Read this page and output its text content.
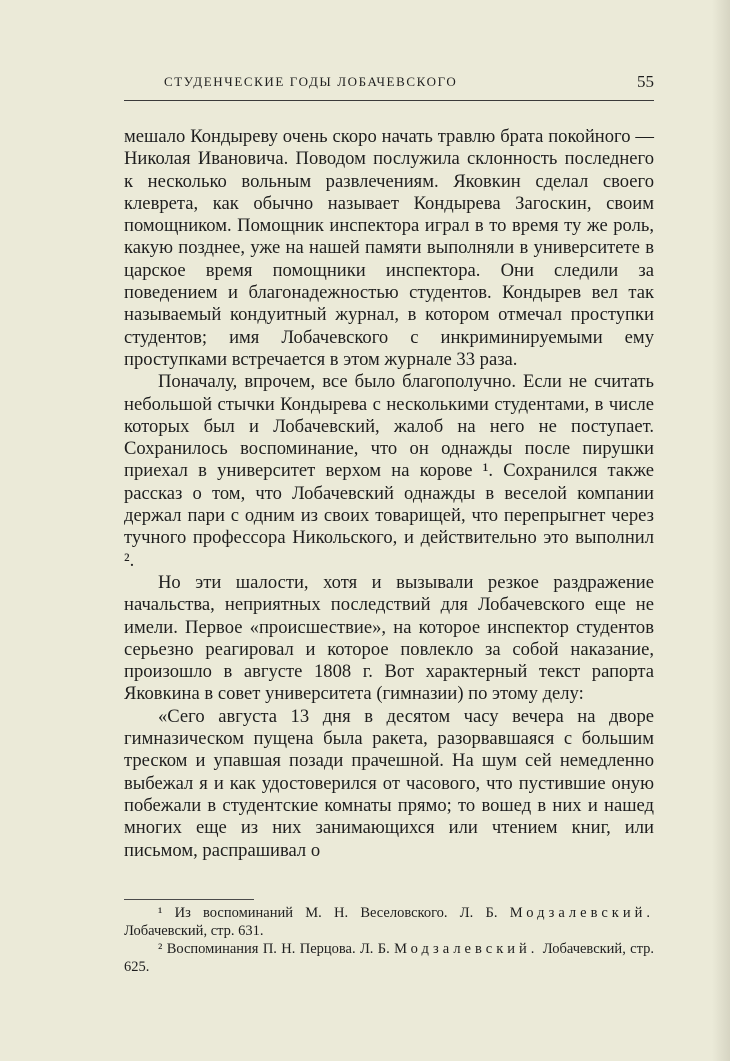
СТУДЕНЧЕСКИЕ ГОДЫ ЛОБАЧЕВСКОГО	55

мешало Кондыреву очень скоро начать травлю брата покойного — Николая Ивановича. Поводом послужила склонность последнего к несколько вольным развлечениям. Яковкин сделал своего клеврета, как обычно называет Кондырева Загоскин, своим помощником. Помощник инспектора играл в то время ту же роль, какую позднее, уже на нашей памяти выполняли в университете в царское время помощники инспектора. Они следили за поведением и благонадежностью студентов. Кондырев вел так называемый кондуитный журнал, в котором отмечал проступки студентов; имя Лобачевского с инкриминируемыми ему проступками встречается в этом журнале 33 раза.

Поначалу, впрочем, все было благополучно. Если не считать небольшой стычки Кондырева с несколькими студентами, в числе которых был и Лобачевский, жалоб на него не поступает. Сохранилось воспоминание, что он однажды после пирушки приехал в университет верхом на корове ¹. Сохранился также рассказ о том, что Лобачевский однажды в веселой компании держал пари с одним из своих товарищей, что перепрыгнет через тучного профессора Никольского, и действительно это выполнил ².

Но эти шалости, хотя и вызывали резкое раздражение начальства, неприятных последствий для Лобачевского еще не имели. Первое «происшествие», на которое инспектор студентов серьезно реагировал и которое повлекло за собой наказание, произошло в августе 1808 г. Вот характерный текст рапорта Яковкина в совет университета (гимназии) по этому делу:

«Сего августа 13 дня в десятом часу вечера на дворе гимназическом пущена была ракета, разорвавшаяся с большим треском и упавшая позади прачешной. На шум сей немедленно выбежал я и как удостоверился от часового, что пустившие оную побежали в студентские комнаты прямо; то вошед в них и нашед многих еще из них занимающихся или чтением книг, или письмом, распрашивал о

¹ Из воспоминаний М. Н. Веселовского. Л. Б. Модзалевский. Лобачевский, стр. 631.

² Воспоминания П. Н. Перцова. Л. Б. Модзалевский. Лобачевский, стр. 625.
